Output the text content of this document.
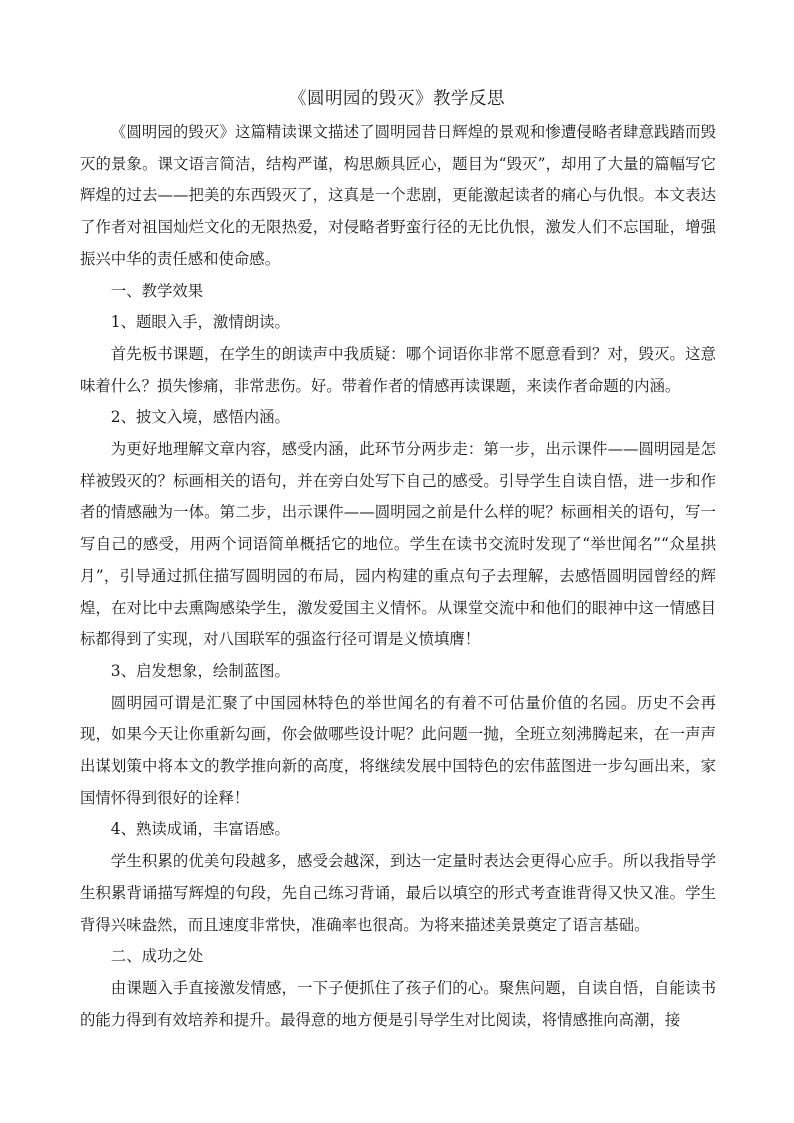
《圆明园的毁灭》教学反思

《圆明园的毁灭》这篇精读课文描述了圆明园昔日辉煌的景观和惨遭侵略者肆意践踏而毁灭的景象。课文语言简洁，结构严谨，构思颇具匠心，题目为“毁灭”，却用了大量的篇幅写它辉煌的过去——把美的东西毁灭了，这真是一个悲剧，更能激起读者的痛心与仇恨。本文表达了作者对祖国灿烂文化的无限热爱，对侵略者野蛮行径的无比仇恨，激发人们不忘国耻，增强振兴中华的责任感和使命感。

一、教学效果

1、题眼入手，激情朗读。

首先板书课题，在学生的朗读声中我质疑：哪个词语你非常不愿意看到？对，毁灭。这意味着什么？损失惨痛，非常悲伤。好。带着作者的情感再读课题，来读作者命题的内涵。

2、披文入境，感悟内涵。

为更好地理解文章内容，感受内涵，此环节分两步走：第一步，出示课件——圆明园是怎样被毁灭的？标画相关的语句，并在旁白处写下自己的感受。引导学生自读自悟，进一步和作者的情感融为一体。第二步，出示课件——圆明园之前是什么样的呢？标画相关的语句，写一写自己的感受，用两个词语简单概括它的地位。学生在读书交流时发现了“举世闻名”“众星拱月”，引导通过抓住描写圆明园的布局，园内构建的重点句子去理解，去感悟圆明园曾经的辉煌，在对比中去熏陶感染学生，激发爱国主义情怀。从课堂交流中和他们的眼神中这一情感目标都得到了实现，对八国联军的强盗行径可谓是义愤填膺！

3、启发想象，绘制蓝图。

圆明园可谓是汇聚了中国园林特色的举世闻名的有着不可估量价值的名园。历史不会再现，如果今天让你重新勾画，你会做哪些设计呢？此问题一抛，全班立刻沸腾起来，在一声声出谋划策中将本文的教学推向新的高度，将继续发展中国特色的宏伟蓝图进一步勾画出来，家国情怀得到很好的诠释！

4、熟读成诵，丰富语感。

学生积累的优美句段越多，感受会越深，到达一定量时表达会更得心应手。所以我指导学生积累背诵描写辉煌的句段，先自己练习背诵，最后以填空的形式考查谁背得又快又准。学生背得兴味盎然，而且速度非常快，准确率也很高。为将来描述美景奠定了语言基础。

二、成功之处

由课题入手直接激发情感，一下子便抓住了孩子们的心。聚焦问题，自读自悟，自能读书的能力得到有效培养和提升。最得意的地方便是引导学生对比阅读，将情感推向高潮，接
